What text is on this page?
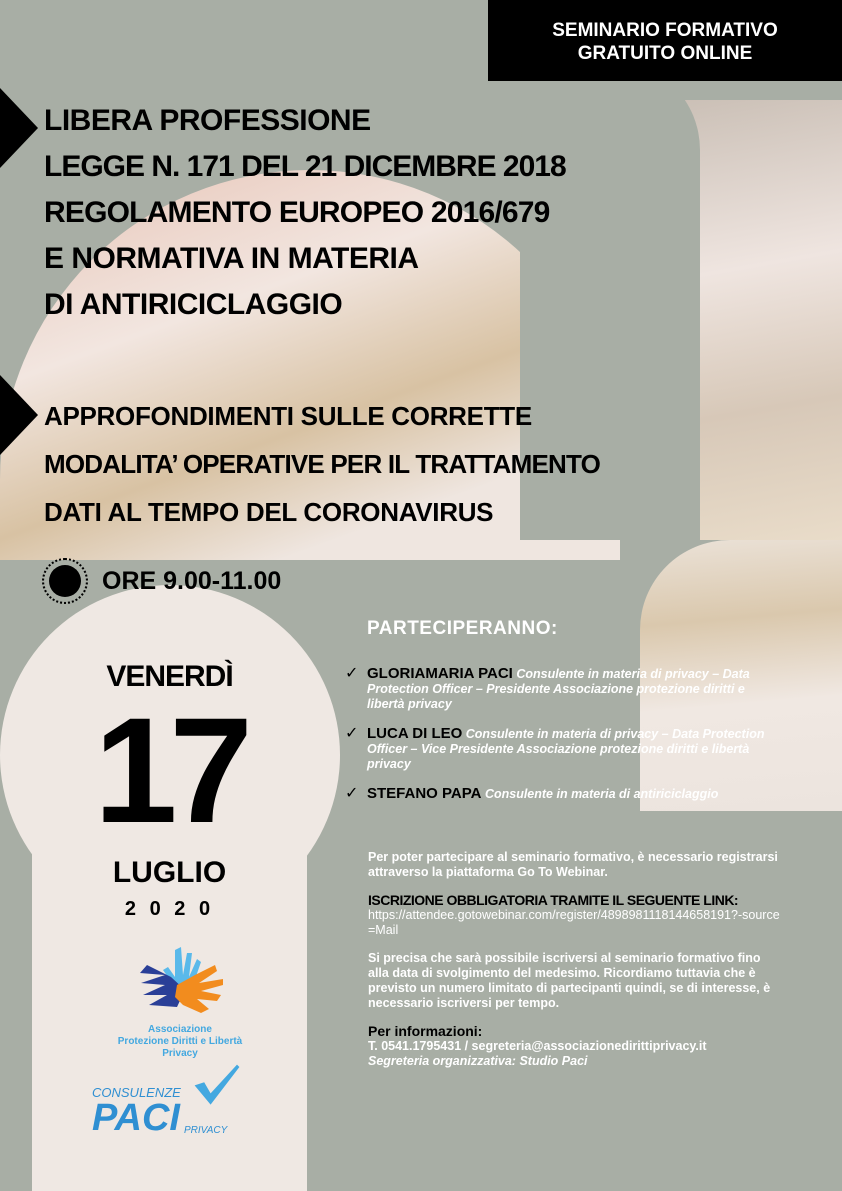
SEMINARIO FORMATIVO
GRATUITO ONLINE
LIBERA PROFESSIONE
LEGGE N. 171 DEL 21 DICEMBRE 2018
REGOLAMENTO EUROPEO 2016/679
E NORMATIVA IN MATERIA
DI ANTIRICICLAGGIO
APPROFONDIMENTI SULLE CORRETTE
MODALITA’ OPERATIVE PER IL TRATTAMENTO
DATI AL TEMPO DEL CORONAVIRUS
ORE 9.00-11.00
VENERDÌ
17
LUGLIO
2 0 2 0
PARTECIPERANNO:
✓ GLORIAMARIA PACI Consulente in materia di privacy – Data Protection Officer – Presidente Associazione protezione diritti e libertà privacy
✓ LUCA DI LEO Consulente in materia di privacy – Data Protection Officer – Vice Presidente Associazione protezione diritti e libertà privacy
✓ STEFANO PAPA Consulente in materia di antiriciclaggio

Per poter partecipare al seminario formativo, è necessario registrarsi attraverso la piattaforma Go To Webinar.

ISCRIZIONE OBBLIGATORIA TRAMITE IL SEGUENTE LINK:

https://attendee.gotowebinar.com/register/4898981118144658191?-source=Mail

Si precisa che sarà possibile iscriversi al seminario formativo fino alla data di svolgimento del medesimo. Ricordiamo tuttavia che è previsto un numero limitato di partecipanti quindi, se di interesse, è necessario iscriversi per tempo.

Per informazioni:
T. 0541.1795431 / segreteria@associazionedirittiprivacy.it
Segreteria organizzativa: Studio Paci
Associazione
Protezione Diritti e Libertà
Privacy
CONSULENZE
PACI PRIVACY
